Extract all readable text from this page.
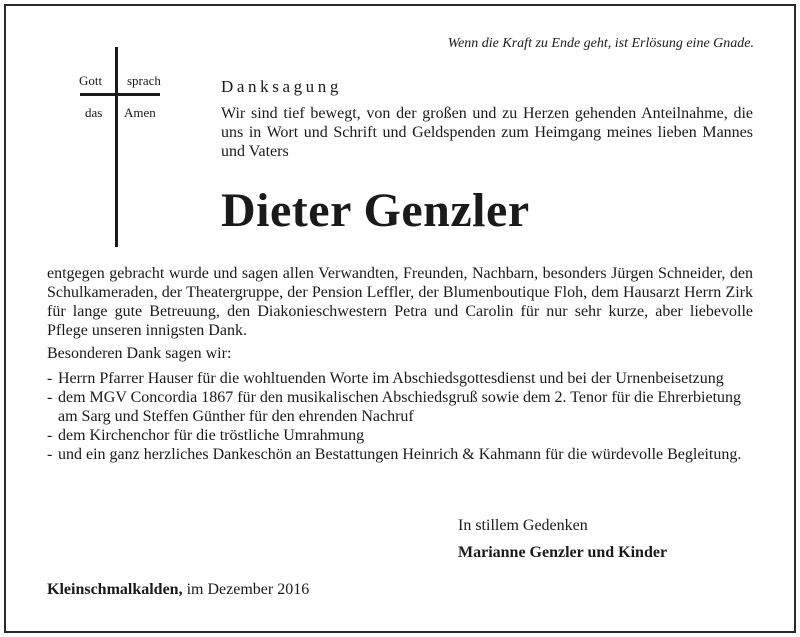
Wenn die Kraft zu Ende geht, ist Erlösung eine Gnade.
Gott sprach
das Amen
Danksagung
Wir sind tief bewegt, von der großen und zu Herzen gehenden Anteilnahme, die uns in Wort und Schrift und Geldspenden zum Heimgang meines lieben Mannes und Vaters
Dieter Genzler
entgegen gebracht wurde und sagen allen Verwandten, Freunden, Nachbarn, besonders Jürgen Schneider, den Schulkameraden, der Theatergruppe, der Pension Leffler, der Blumenboutique Floh, dem Hausarzt Herrn Zirk für lange gute Betreuung, den Diakonieschwestern Petra und Carolin für nur sehr kurze, aber liebevolle Pflege unseren innigsten Dank.
Besonderen Dank sagen wir:
- Herrn Pfarrer Hauser für die wohltuenden Worte im Abschiedsgottesdienst und bei der Urnenbeisetzung
- dem MGV Concordia 1867 für den musikalischen Abschiedsgruß sowie dem 2. Tenor für die Ehrerbietung am Sarg und Steffen Günther für den ehrenden Nachruf
- dem Kirchenchor für die tröstliche Umrahmung
- und ein ganz herzliches Dankeschön an Bestattungen Heinrich & Kahmann für die würdevolle Begleitung.
In stillem Gedenken
Marianne Genzler und Kinder
Kleinschmalkalden, im Dezember 2016
